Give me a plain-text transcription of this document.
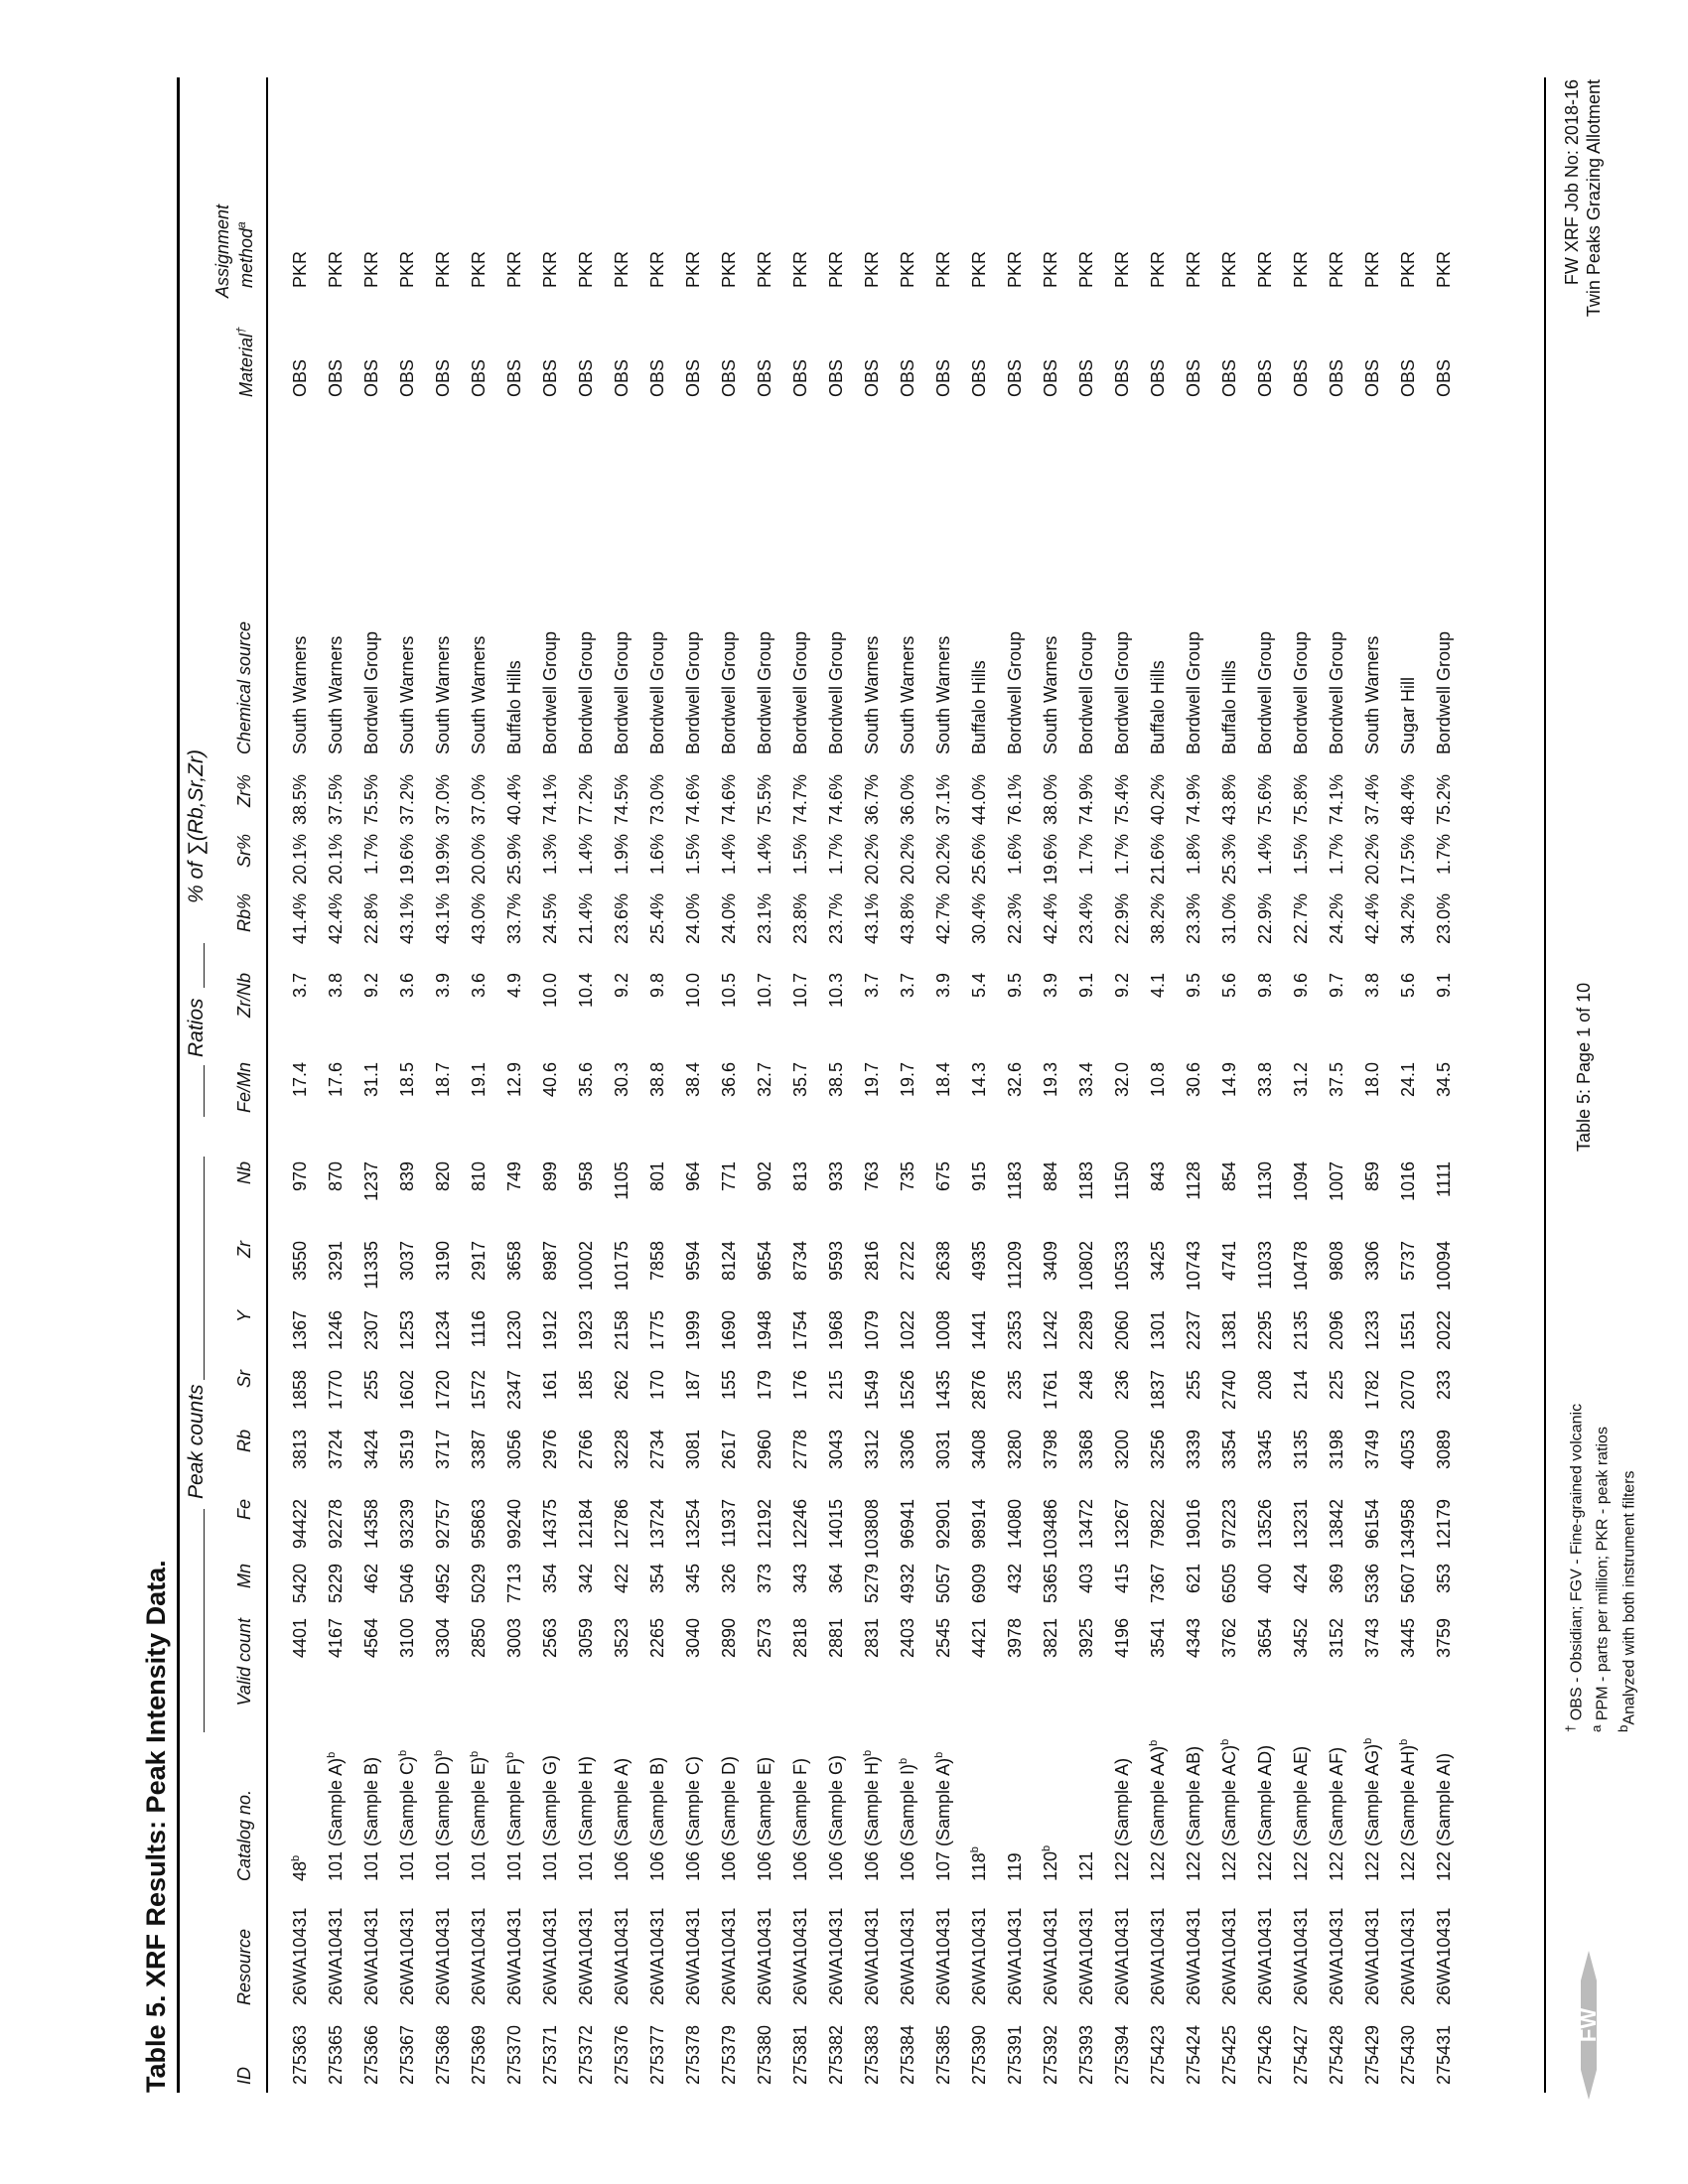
Table 5. XRF Results: Peak Intensity Data.
Peak counts
Ratios
% of ∑(Rb,Sr,Zr)
ID
Resource
Catalog no.
Valid count
Mn
Fe
Rb
Sr
Y
Zr
Nb
Fe/Mn
Zr/Nb
Rb%
Sr%
Zr%
Chemical source
Material†
Assignment method$^a$
275363
26WA10431
48$^b$
4401
5420
94422
3813
1858
1367
3550
970
17.4
3.7
41.4%
20.1%
38.5%
South Warners
OBS
PKR
275365
26WA10431
101 (Sample A)$^b$
4167
5229
92278
3724
1770
1246
3291
870
17.6
3.8
42.4%
20.1%
37.5%
South Warners
OBS
PKR
275366
26WA10431
101 (Sample B)
4564
462
14358
3424
255
2307
11335
1237
31.1
9.2
22.8%
1.7%
75.5%
Bordwell Group
OBS
PKR
275367
26WA10431
101 (Sample C)$^b$
3100
5046
93239
3519
1602
1253
3037
839
18.5
3.6
43.1%
19.6%
37.2%
South Warners
OBS
PKR
275368
26WA10431
101 (Sample D)$^b$
3304
4952
92757
3717
1720
1234
3190
820
18.7
3.9
43.1%
19.9%
37.0%
South Warners
OBS
PKR
275369
26WA10431
101 (Sample E)$^b$
2850
5029
95863
3387
1572
1116
2917
810
19.1
3.6
43.0%
20.0%
37.0%
South Warners
OBS
PKR
275370
26WA10431
101 (Sample F)$^b$
3003
7713
99240
3056
2347
1230
3658
749
12.9
4.9
33.7%
25.9%
40.4%
Buffalo Hills
OBS
PKR
275371
26WA10431
101 (Sample G)
2563
354
14375
2976
161
1912
8987
899
40.6
10.0
24.5%
1.3%
74.1%
Bordwell Group
OBS
PKR
275372
26WA10431
101 (Sample H)
3059
342
12184
2766
185
1923
10002
958
35.6
10.4
21.4%
1.4%
77.2%
Bordwell Group
OBS
PKR
275376
26WA10431
106 (Sample A)
3523
422
12786
3228
262
2158
10175
1105
30.3
9.2
23.6%
1.9%
74.5%
Bordwell Group
OBS
PKR
275377
26WA10431
106 (Sample B)
2265
354
13724
2734
170
1775
7858
801
38.8
9.8
25.4%
1.6%
73.0%
Bordwell Group
OBS
PKR
275378
26WA10431
106 (Sample C)
3040
345
13254
3081
187
1999
9594
964
38.4
10.0
24.0%
1.5%
74.6%
Bordwell Group
OBS
PKR
275379
26WA10431
106 (Sample D)
2890
326
11937
2617
155
1690
8124
771
36.6
10.5
24.0%
1.4%
74.6%
Bordwell Group
OBS
PKR
275380
26WA10431
106 (Sample E)
2573
373
12192
2960
179
1948
9654
902
32.7
10.7
23.1%
1.4%
75.5%
Bordwell Group
OBS
PKR
275381
26WA10431
106 (Sample F)
2818
343
12246
2778
176
1754
8734
813
35.7
10.7
23.8%
1.5%
74.7%
Bordwell Group
OBS
PKR
275382
26WA10431
106 (Sample G)
2881
364
14015
3043
215
1968
9593
933
38.5
10.3
23.7%
1.7%
74.6%
Bordwell Group
OBS
PKR
275383
26WA10431
106 (Sample H)$^b$
2831
5279
103808
3312
1549
1079
2816
763
19.7
3.7
43.1%
20.2%
36.7%
South Warners
OBS
PKR
275384
26WA10431
106 (Sample I)$^b$
2403
4932
96941
3306
1526
1022
2722
735
19.7
3.7
43.8%
20.2%
36.0%
South Warners
OBS
PKR
275385
26WA10431
107 (Sample A)$^b$
2545
5057
92901
3031
1435
1008
2638
675
18.4
3.9
42.7%
20.2%
37.1%
South Warners
OBS
PKR
275390
26WA10431
118$^b$
4421
6909
98914
3408
2876
1441
4935
915
14.3
5.4
30.4%
25.6%
44.0%
Buffalo Hills
OBS
PKR
275391
26WA10431
119
3978
432
14080
3280
235
2353
11209
1183
32.6
9.5
22.3%
1.6%
76.1%
Bordwell Group
OBS
PKR
275392
26WA10431
120$^b$
3821
5365
103486
3798
1761
1242
3409
884
19.3
3.9
42.4%
19.6%
38.0%
South Warners
OBS
PKR
275393
26WA10431
121
3925
403
13472
3368
248
2289
10802
1183
33.4
9.1
23.4%
1.7%
74.9%
Bordwell Group
OBS
PKR
275394
26WA10431
122 (Sample A)
4196
415
13267
3200
236
2060
10533
1150
32.0
9.2
22.9%
1.7%
75.4%
Bordwell Group
OBS
PKR
275423
26WA10431
122 (Sample AA)$^b$
3541
7367
79822
3256
1837
1301
3425
843
10.8
4.1
38.2%
21.6%
40.2%
Buffalo Hills
OBS
PKR
275424
26WA10431
122 (Sample AB)
4343
621
19016
3339
255
2237
10743
1128
30.6
9.5
23.3%
1.8%
74.9%
Bordwell Group
OBS
PKR
275425
26WA10431
122 (Sample AC)$^b$
3762
6505
97223
3354
2740
1381
4741
854
14.9
5.6
31.0%
25.3%
43.8%
Buffalo Hills
OBS
PKR
275426
26WA10431
122 (Sample AD)
3654
400
13526
3345
208
2295
11033
1130
33.8
9.8
22.9%
1.4%
75.6%
Bordwell Group
OBS
PKR
275427
26WA10431
122 (Sample AE)
3452
424
13231
3135
214
2135
10478
1094
31.2
9.6
22.7%
1.5%
75.8%
Bordwell Group
OBS
PKR
275428
26WA10431
122 (Sample AF)
3152
369
13842
3198
225
2096
9808
1007
37.5
9.7
24.2%
1.7%
74.1%
Bordwell Group
OBS
PKR
275429
26WA10431
122 (Sample AG)$^b$
3743
5336
96154
3749
1782
1233
3306
859
18.0
3.8
42.4%
20.2%
37.4%
South Warners
OBS
PKR
275430
26WA10431
122 (Sample AH)$^b$
3445
5607
134958
4053
2070
1551
5737
1016
24.1
5.6
34.2%
17.5%
48.4%
Sugar Hill
OBS
PKR
275431
26WA10431
122 (Sample AI)
3759
353
12179
3089
233
2022
10094
1111
34.5
9.1
23.0%
1.7%
75.2%
Bordwell Group
OBS
PKR
FW
† OBS - Obsidian; FGV - Fine-grained volcanic
$^a$ PPM - parts per million; PKR - peak ratios
$^b$Analyzed with both instrument filters
Table 5: Page 1 of 10
FW XRF Job No: 2018-16 Twin Peaks Grazing Allotment
